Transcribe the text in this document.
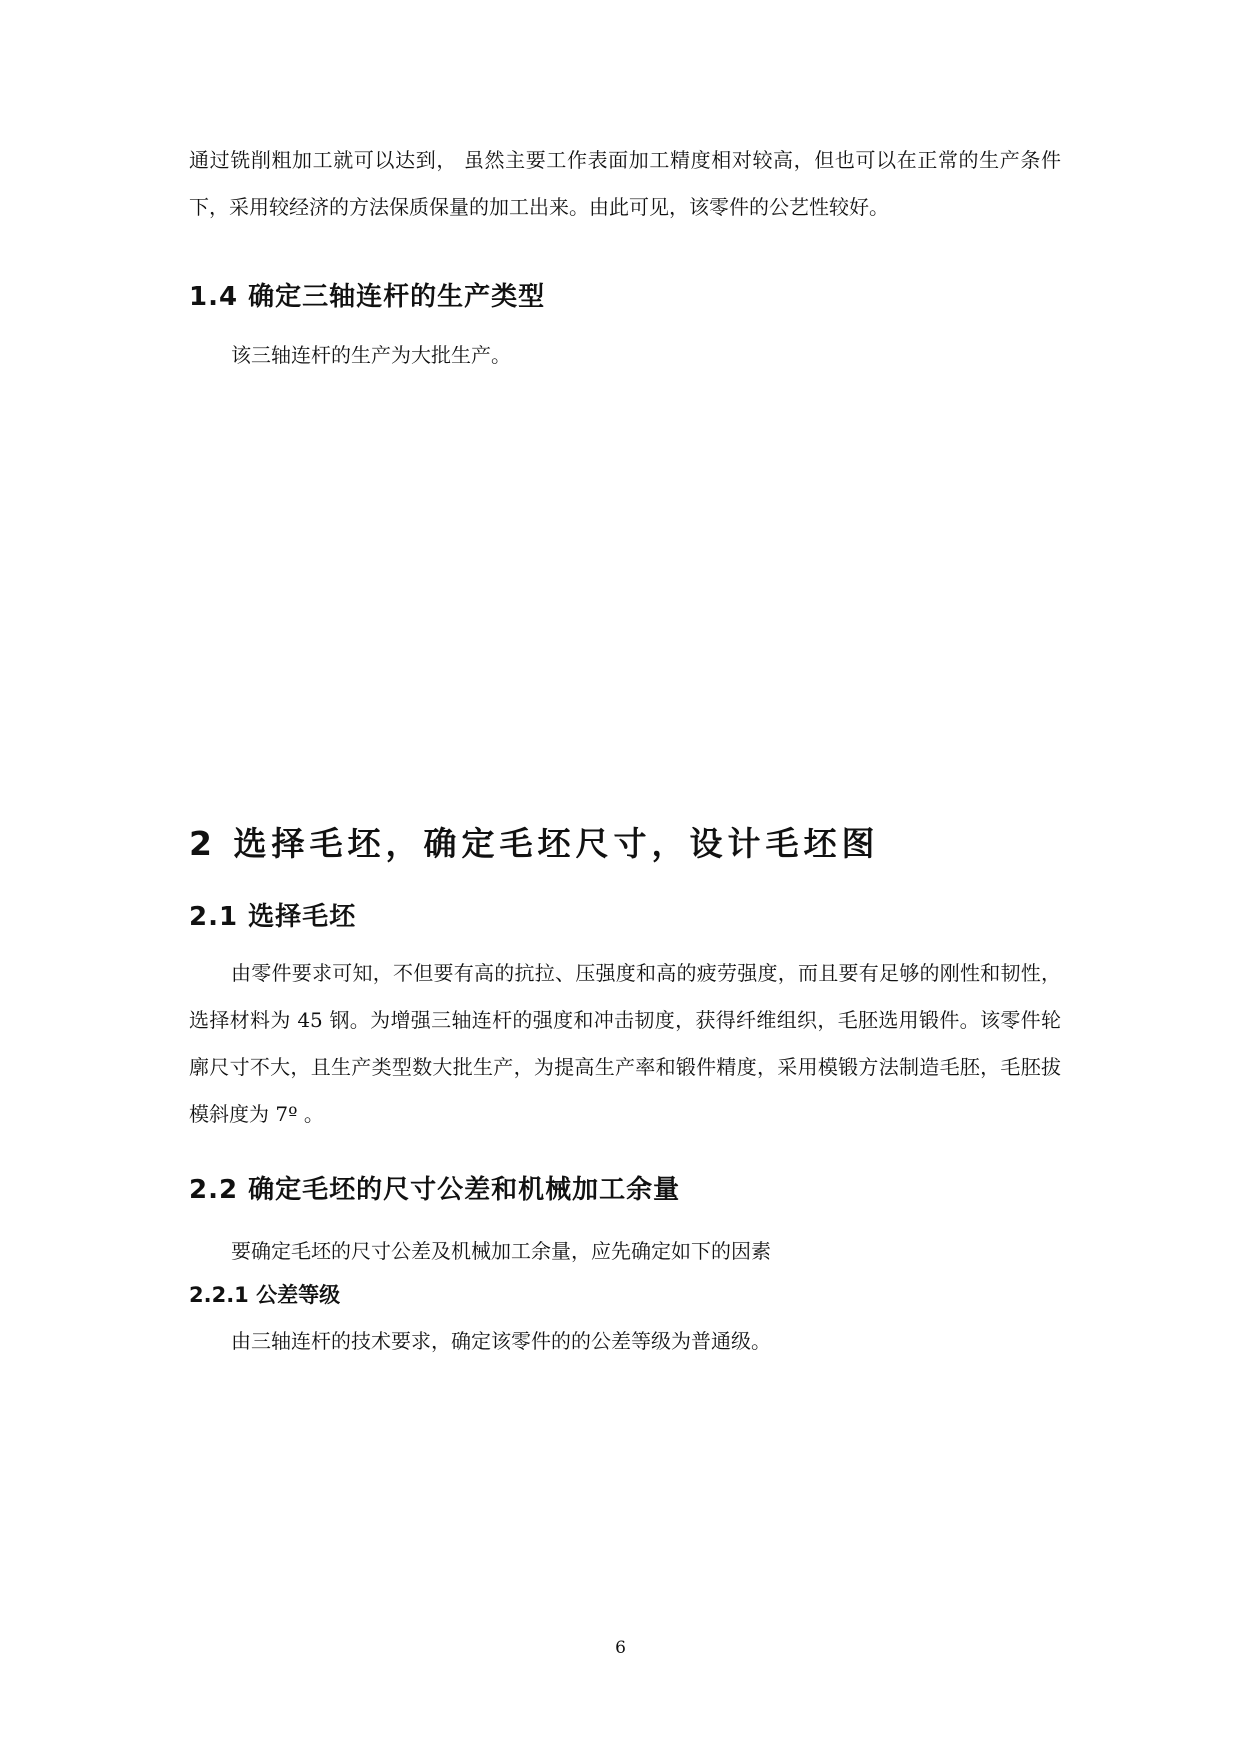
通过铣削粗加工就可以达到， 虽然主要工作表面加工精度相对较高，但也可以在正常的生产条件下，采用较经济的方法保质保量的加工出来。由此可见，该零件的公艺性较好。

1.4 确定三轴连杆的生产类型

该三轴连杆的生产为大批生产。

2 选择毛坯，确定毛坯尺寸，设计毛坯图
2.1 选择毛坯

由零件要求可知，不但要有高的抗拉、压强度和高的疲劳强度，而且要有足够的刚性和韧性，选择材料为 45 钢。为增强三轴连杆的强度和冲击韧度，获得纤维组织，毛胚选用锻件。该零件轮廓尺寸不大，且生产类型数大批生产，为提高生产率和锻件精度，采用模锻方法制造毛胚，毛胚拔模斜度为 7º 。

2.2 确定毛坯的尺寸公差和机械加工余量

要确定毛坯的尺寸公差及机械加工余量，应先确定如下的因素

2.2.1 公差等级

由三轴连杆的技术要求，确定该零件的的公差等级为普通级。

6
